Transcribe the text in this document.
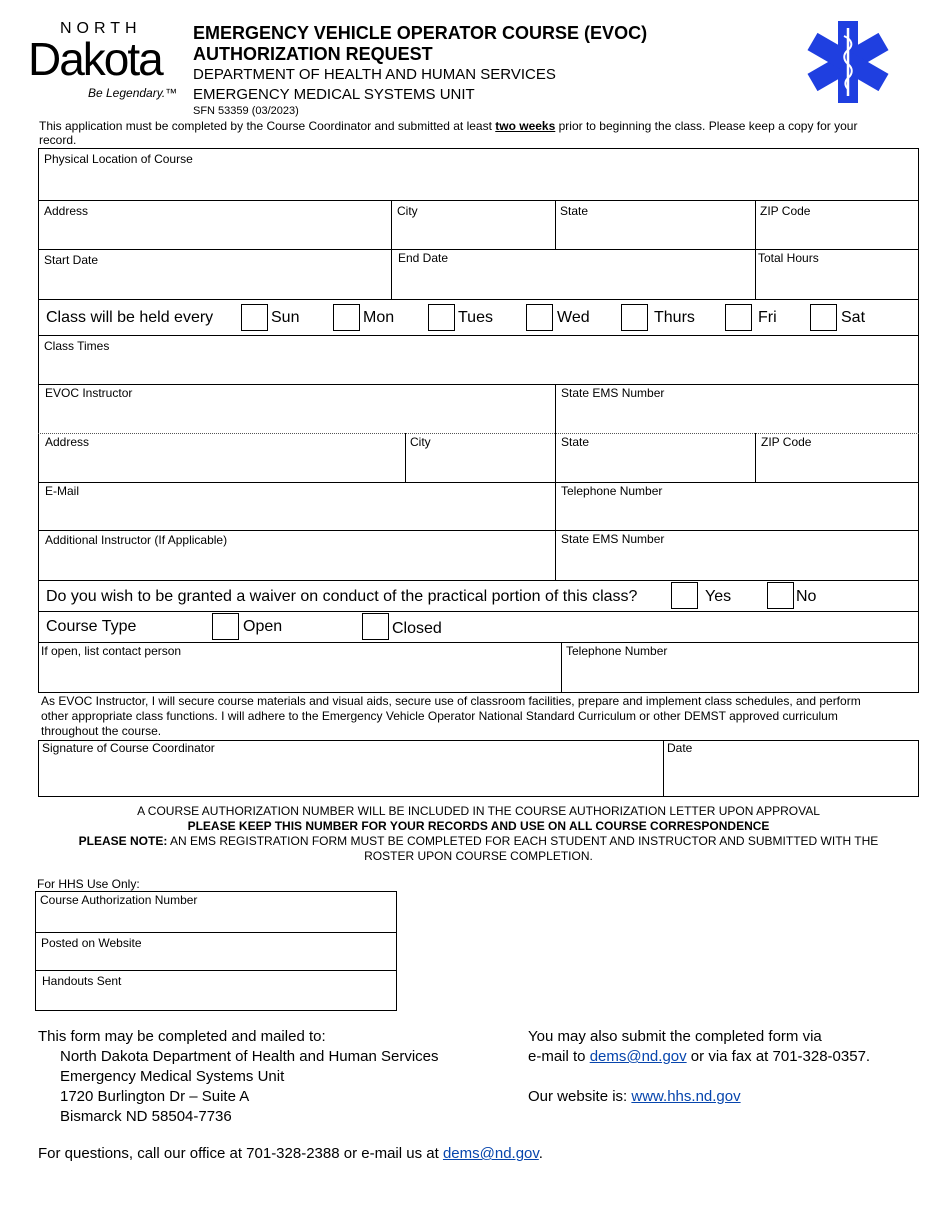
NORTH
Dakota
Be Legendary.™
EMERGENCY VEHICLE OPERATOR COURSE (EVOC)
AUTHORIZATION REQUEST
DEPARTMENT OF HEALTH AND HUMAN SERVICES
EMERGENCY MEDICAL SYSTEMS UNIT
SFN 53359 (03/2023)
This application must be completed by the Course Coordinator and submitted at least two weeks prior to beginning the class. Please keep a copy for your
record.
Physical Location of Course
Address	City	State	ZIP Code
Start Date	End Date	Total Hours
Class will be held every	Sun	Mon	Tues	Wed	Thurs	Fri	Sat
Class Times
EVOC Instructor	State EMS Number
Address	City	State	ZIP Code
E-Mail	Telephone Number
Additional Instructor (If Applicable)	State EMS Number
Do you wish to be granted a waiver on conduct of the practical portion of this class?	Yes	No
Course Type	Open	Closed
If open, list contact person	Telephone Number
As EVOC Instructor, I will secure course materials and visual aids, secure use of classroom facilities, prepare and implement class schedules, and perform
other appropriate class functions. I will adhere to the Emergency Vehicle Operator National Standard Curriculum or other DEMST approved curriculum
throughout the course.
Signature of Course Coordinator	Date
A COURSE AUTHORIZATION NUMBER WILL BE INCLUDED IN THE COURSE AUTHORIZATION LETTER UPON APPROVAL
PLEASE KEEP THIS NUMBER FOR YOUR RECORDS AND USE ON ALL COURSE CORRESPONDENCE
PLEASE NOTE: AN EMS REGISTRATION FORM MUST BE COMPLETED FOR EACH STUDENT AND INSTRUCTOR AND SUBMITTED WITH THE
ROSTER UPON COURSE COMPLETION.
For HHS Use Only:
Course Authorization Number
Posted on Website
Handouts Sent
This form may be completed and mailed to:
North Dakota Department of Health and Human Services
Emergency Medical Systems Unit
1720 Burlington Dr – Suite A
Bismarck ND 58504-7736
You may also submit the completed form via
e-mail to dems@nd.gov or via fax at 701-328-0357.
Our website is: www.hhs.nd.gov
For questions, call our office at 701-328-2388 or e-mail us at dems@nd.gov.
